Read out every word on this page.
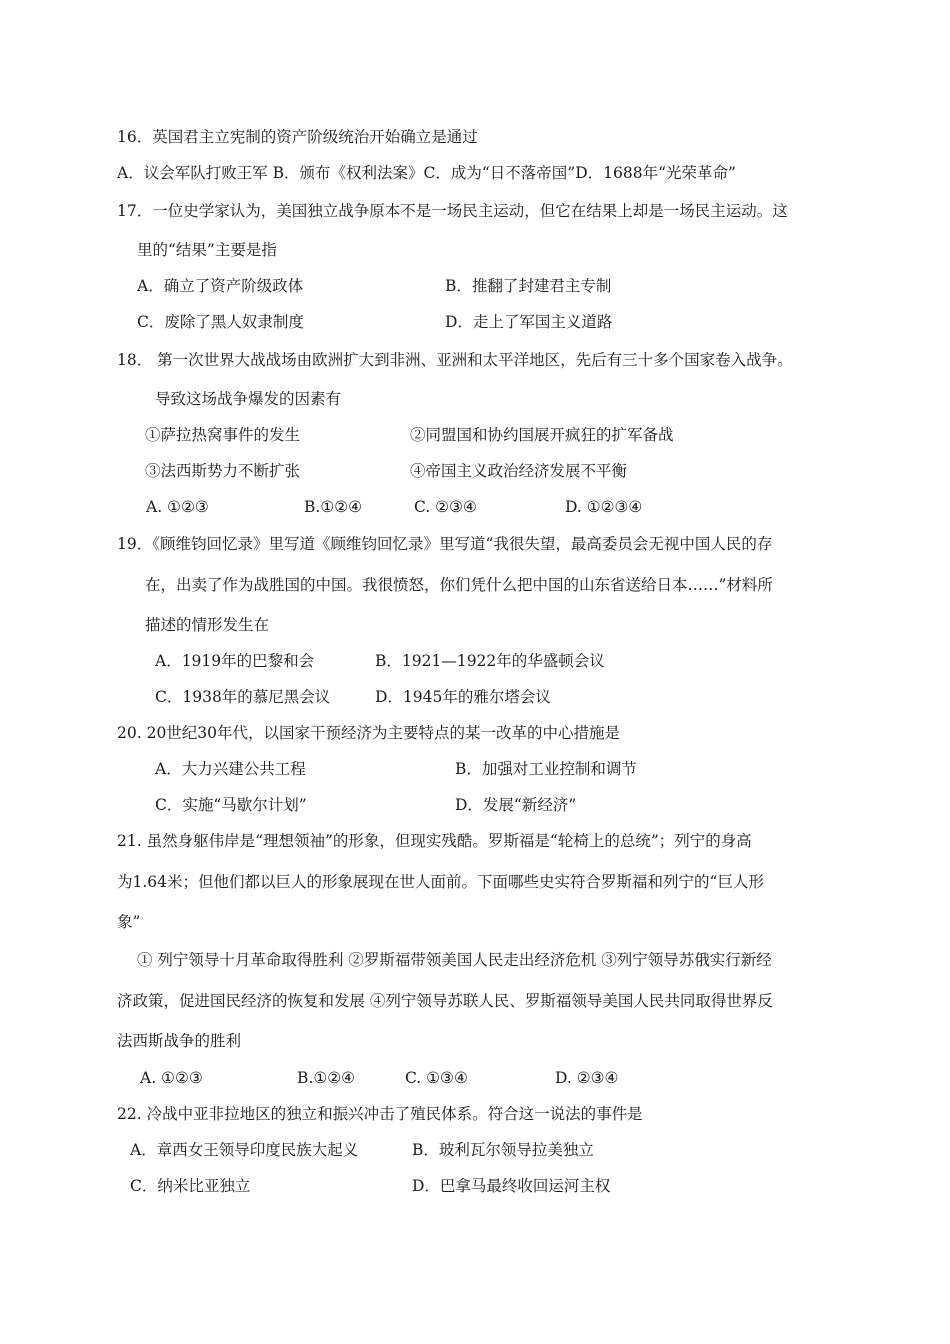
16．英国君主立宪制的资产阶级统治开始确立是通过
A．议会军队打败王军 B．颁布《权利法案》C．成为“日不落帝国”D．1688年“光荣革命”
17．一位史学家认为，美国独立战争原本不是一场民主运动，但它在结果上却是一场民主运动。这
里的“结果”主要是指
A．确立了资产阶级政体	B．推翻了封建君主专制
C．废除了黑人奴隶制度	D．走上了军国主义道路
18． 第一次世界大战战场由欧洲扩大到非洲、亚洲和太平洋地区，先后有三十多个国家卷入战争。
导致这场战争爆发的因素有
①萨拉热窝事件的发生	②同盟国和协约国展开疯狂的扩军备战
③法西斯势力不断扩张	④帝国主义政治经济发展不平衡
A. ①②③	B.①②④	C. ②③④	D. ①②③④
19．《顾维钧回忆录》里写道《顾维钧回忆录》里写道“我很失望，最高委员会无视中国人民的存
在，出卖了作为战胜国的中国。我很愤怒，你们凭什么把中国的山东省送给日本……”材料所
描述的情形发生在
A．1919年的巴黎和会	B．1921—1922年的华盛顿会议
C．1938年的慕尼黑会议	D．1945年的雅尔塔会议
20. 20世纪30年代，以国家干预经济为主要特点的某一改革的中心措施是
A．大力兴建公共工程	B．加强对工业控制和调节
C．实施“马歇尔计划”	D．发展“新经济”
21. 虽然身躯伟岸是“理想领袖”的形象，但现实残酷。罗斯福是“轮椅上的总统”；列宁的身高
为1.64米；但他们都以巨人的形象展现在世人面前。下面哪些史实符合罗斯福和列宁的“巨人形
象”
① 列宁领导十月革命取得胜利 ②罗斯福带领美国人民走出经济危机 ③列宁领导苏俄实行新经
济政策，促进国民经济的恢复和发展 ④列宁领导苏联人民、罗斯福领导美国人民共同取得世界反
法西斯战争的胜利
A. ①②③	B.①②④	C. ①③④	D. ②③④
22. 冷战中亚非拉地区的独立和振兴冲击了殖民体系。符合这一说法的事件是
A．章西女王领导印度民族大起义	B．玻利瓦尔领导拉美独立
C．纳米比亚独立	D．巴拿马最终收回运河主权
